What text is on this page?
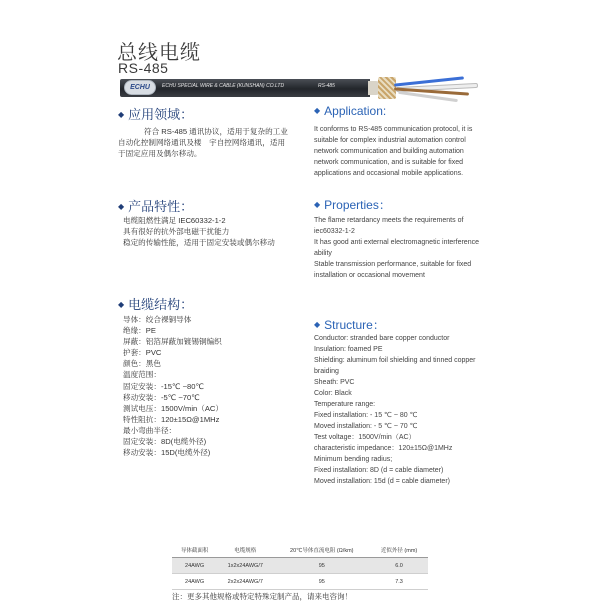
总线电缆
RS-485
ECHU	ECHU SPECIAL WIRE & CABLE (KUNSHAN) CO.LTD	RS-485
◆ 应用领域：	◆ Application:
符合 RS-485 通讯协议，适用于复杂的工业
自动化控制网络通讯及楼　宇自控网络通讯，适用
于固定应用及偶尔移动。
It conforms to RS-485 communication protocol, it is
suitable for complex industrial automation control
network communication and building automation
network communication, and is suitable for fixed
applications and occasional mobile applications.
◆ 产品特性：	◆ Properties：
电缆阻燃性满足 IEC60332-1-2
具有很好的抗外部电磁干扰能力
稳定的传输性能，适用于固定安装或偶尔移动
The flame retardancy meets the requirements of
iec60332-1-2
It has good anti external electromagnetic interference
ability
Stable transmission performance, suitable for fixed
installation or occasional movement
◆ 电缆结构：
◆ Structure：
导体：绞合裸铜导体
绝缘：PE
屏蔽：铝箔屏蔽加镀锡铜编织
护套：PVC
颜色：黑色
温度范围：
固定安装：-15℃ ~80℃
移动安装：-5℃ ~70℃
测试电压：1500V/min（AC）
特性阻抗：120±15Ω@1MHz
最小弯曲半径：
固定安装：8D(电缆外径)
移动安装：15D(电缆外径)
Conductor: stranded bare copper conductor
Insulation: foamed PE
Shielding: aluminum foil shielding and tinned copper
braiding
Sheath: PVC
Color: Black
Temperature range:
Fixed installation: - 15 ℃ ~ 80 ℃
Moved installation: - 5 ℃ ~ 70 ℃
Test voltage：1500V/min（AC）
characteristic impedance：120±15Ω@1MHz
Minimum bending radius;
Fixed installation: 8D (d = cable diameter)
Moved installation: 15d (d = cable diameter)
导体截面积	电缆规格	20℃导体直流电阻 (Ω/km)	近似外径 (mm)
24AWG	1x2x24AWG/7	95	6.0
24AWG	2x2x24AWG/7	95	7.3
注：更多其他规格或特定特殊定制产品，请来电咨询！
